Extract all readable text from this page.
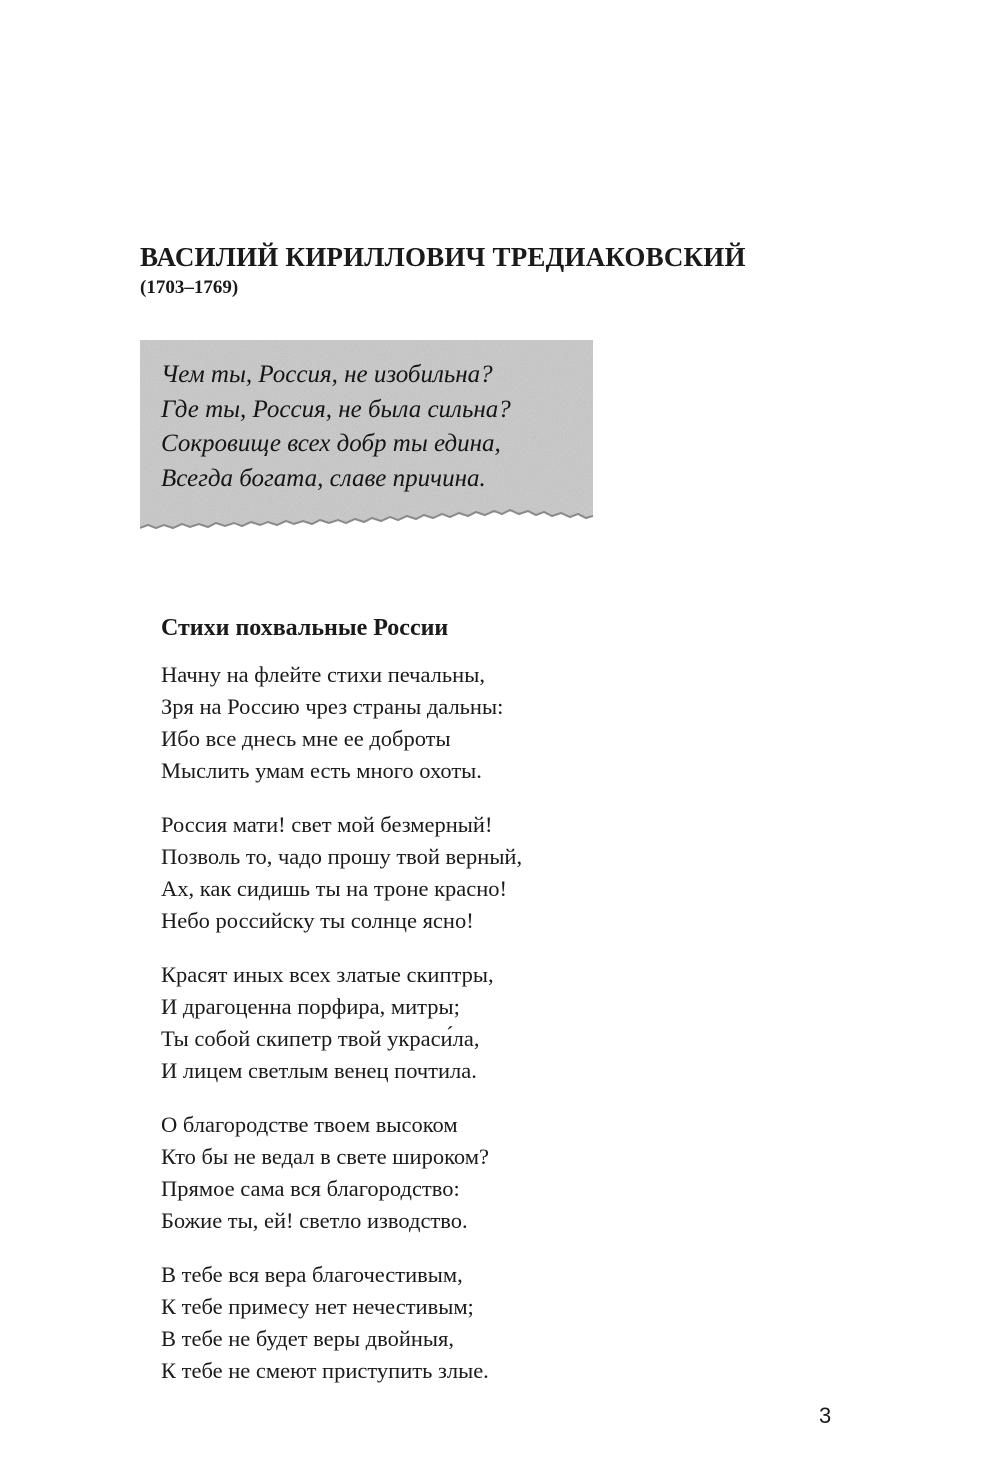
ВАСИЛИЙ КИРИЛЛОВИЧ ТРЕДИАКОВСКИЙ
(1703–1769)
Чем ты, Россия, не изобильна?
Где ты, Россия, не была сильна?
Сокровище всех добр ты едина,
Всегда богата, славе причина.
Стихи похвальные России
Начну на флейте стихи печальны,
Зря на Россию чрез страны дальны:
Ибо все днесь мне ее доброты
Мыслить умам есть много охоты.
Россия мати! свет мой безмерный!
Позволь то, чадо прошу твой верный,
Ах, как сидишь ты на троне красно!
Небо российску ты солнце ясно!
Красят иных всех златые скиптры,
И драгоценна порфира, митры;
Ты собой скипетр твой украси́ла,
И лицем светлым венец почтила.
О благородстве твоем высоком
Кто бы не ведал в свете широком?
Прямое сама вся благородство:
Божие ты, ей! светло изводство.
В тебе вся вера благочестивым,
К тебе примесу нет нечестивым;
В тебе не будет веры двойныя,
К тебе не смеют приступить злые.
3
